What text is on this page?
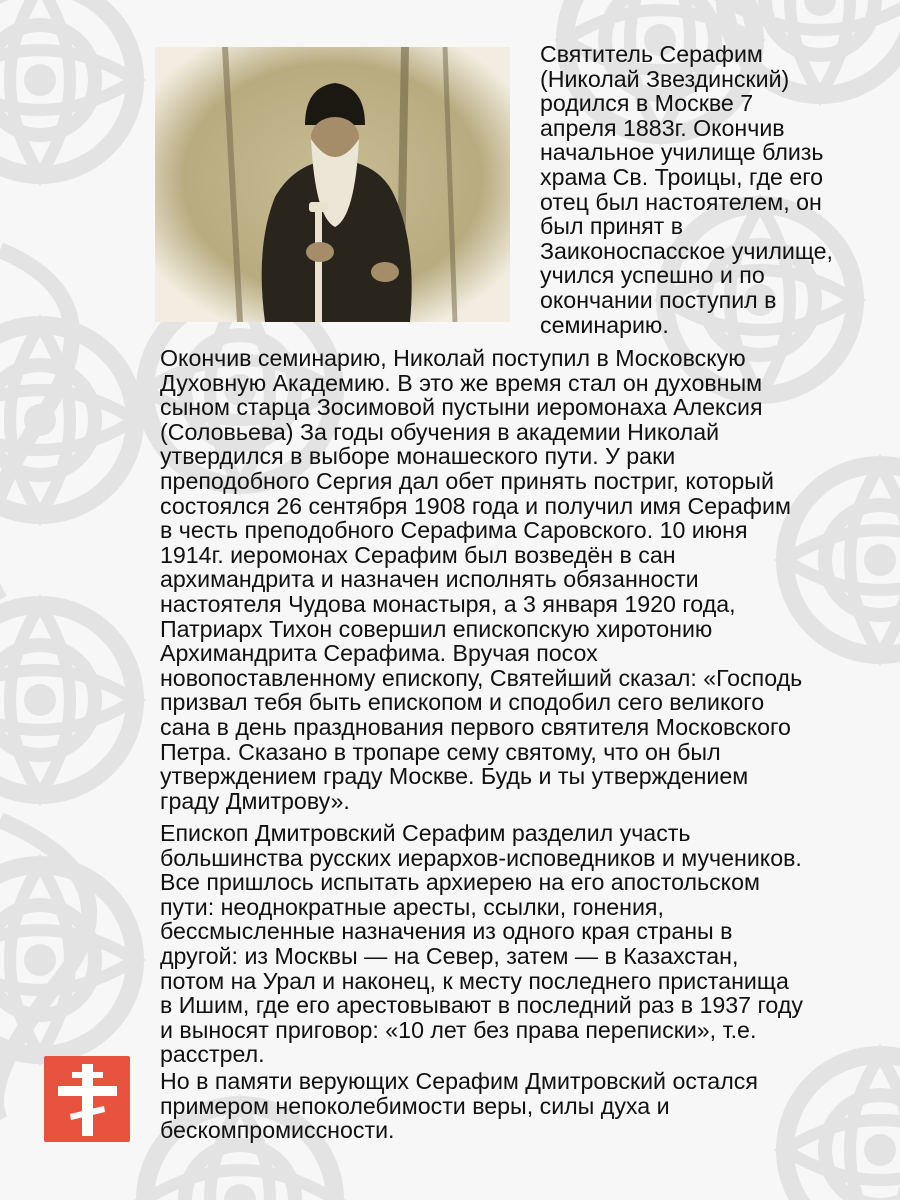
Святитель Серафим
(Николай Звездинский)
родился в Москве 7
апреля 1883г. Окончив
начальное училище близь
храма Св. Троицы, где его
отец был настоятелем, он
был принят в
Заиконоспасское училище,
учился успешно и по
окончании поступил в
семинарию.

Окончив семинарию, Николай поступил в Московскую
Духовную Академию. В это же время стал он духовным
сыном старца Зосимовой пустыни иеромонаха Алексия
(Соловьева) За годы обучения в академии Николай
утвердился в выборе монашеского пути. У раки
преподобного Сергия дал обет принять постриг, который
состоялся 26 сентября 1908 года и получил имя Серафим
в честь преподобного Серафима Саровского. 10 июня
1914г. иеромонах Серафим был возведён в сан
архимандрита и назначен исполнять обязанности
настоятеля Чудова монастыря, а 3 января 1920 года,
Патриарх Тихон совершил епископскую хиротонию
Архимандрита Серафима. Вручая посох
новопоставленному епископу, Святейший сказал: «Господь
призвал тебя быть епископом и сподобил сего великого
сана в день празднования первого святителя Московского
Петра. Сказано в тропаре сему святому, что он был
утверждением граду Москве. Будь и ты утверждением
граду Дмитрову».

Епископ Дмитровский Серафим разделил участь
большинства русских иерархов-исповедников и мучеников.
Все пришлось испытать архиерею на его апостольском
пути: неоднократные аресты, ссылки, гонения,
бессмысленные назначения из одного края страны в
другой: из Москвы — на Север, затем — в Казахстан,
потом на Урал и наконец, к месту последнего пристанища
в Ишим, где его арестовывают в последний раз в 1937 году
и выносят приговор: «10 лет без права переписки», т.е.
расстрел.

Но в памяти верующих Серафим Дмитровский остался
примером непоколебимости веры, силы духа и
бескомпромиссности.
